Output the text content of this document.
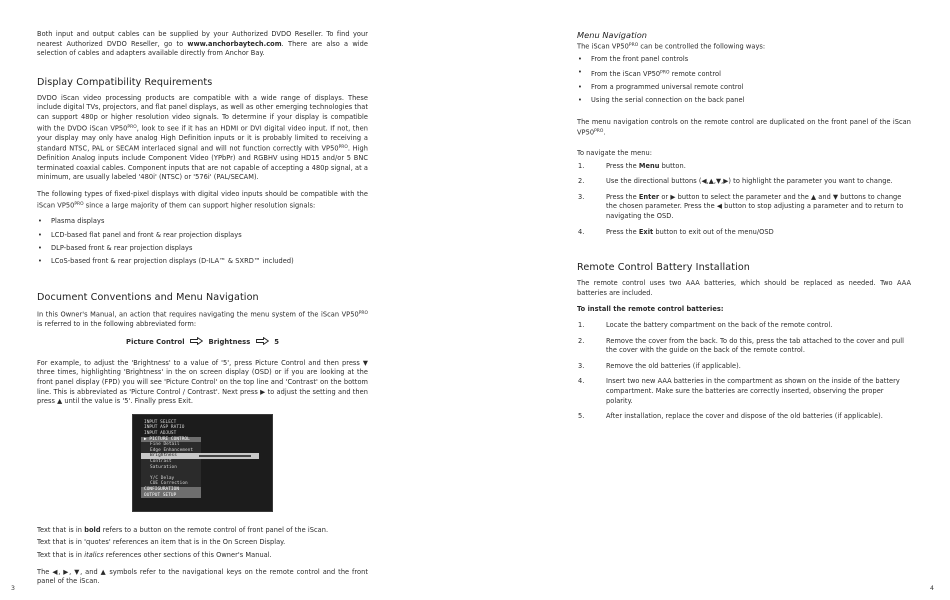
Both input and output cables can be supplied by your Authorized DVDO Reseller. To find your nearest Authorized DVDO Reseller, go to www.anchorbaytech.com. There are also a wide selection of cables and adapters available directly from Anchor Bay.

Display Compatibility Requirements

DVDO iScan video processing products are compatible with a wide range of displays. These include digital TVs, projectors, and flat panel displays, as well as other emerging technologies that can support 480p or higher resolution video signals. To determine if your display is compatible with the DVDO iScan $VP50^{PRO}$, look to see if it has an HDMI or DVI digital video input. If not, then your display may only have analog High Definition inputs or it is probably limited to receiving a standard NTSC, PAL or SECAM interlaced signal and will not function correctly with $VP50^{PRO}$. High Definition Analog inputs include Component Video (YPbPr) and RGBHV using HD15 and/or 5 BNC terminated coaxial cables. Component inputs that are not capable of accepting a 480p signal, at a minimum, are usually labeled '480i' (NTSC) or '576i' (PAL/SECAM).

The following types of fixed-pixel displays with digital video inputs should be compatible with the iScan $VP50^{PRO}$ since a large majority of them can support higher resolution signals:

• Plasma displays
• LCD-based flat panel and front & rear projection displays
• DLP-based front & rear projection displays
• LCoS-based front & rear projection displays (D-ILA™ & SXRD™ included)
Document Conventions and Menu Navigation

In this Owner's Manual, an action that requires navigating the menu system of the iScan $VP50^{PRO}$ is referred to in the following abbreviated form:

Picture Control	Brightness	5

For example, to adjust the 'Brightness' to a value of '5', press Picture Control and then press ▼ three times, highlighting 'Brightness' in the on screen display (OSD) or if you are looking at the front panel display (FPD) you will see 'Picture Control' on the top line and 'Contrast' on the bottom line. This is abbreviated as 'Picture Control / Contrast'. Next press ▶ to adjust the setting and then press ▲ until the value is '5'. Finally press Exit.

INPUT SELECT
INPUT ASP RATIO
INPUT ADJUST
▶ PICTURE CONTROL
Fine Detail
Edge Enhancement
Brightness
Contrast
Saturation
Y/C Delay
CUE Correction
CONFIGURATION
OUTPUT SETUP

Text that is in bold refers to a button on the remote control of front panel of the iScan.

Text that is in 'quotes' references an item that is in the On Screen Display.

Text that is in italics references other sections of this Owner's Manual.

The ◀, ▶, ▼, and ▲ symbols refer to the navigational keys on the remote control and the front panel of the iScan.

3
Menu Navigation

The iScan $VP50^{PRO}$ can be controlled the following ways:

• From the front panel controls
• From the iScan $VP50^{PRO}$ remote control
• From a programmed universal remote control
• Using the serial connection on the back panel

The menu navigation controls on the remote control are duplicated on the front panel of the iScan $VP50^{PRO}$.

To navigate the menu:

1.	Press the Menu button.
2.	Use the directional buttons (◀,▲,▼,▶) to highlight the parameter you want to change.
3.	Press the Enter or ▶ button to select the parameter and the ▲ and ▼ buttons to change the chosen parameter. Press the ◀ button to stop adjusting a parameter and to return to navigating the OSD.
4.	Press the Exit button to exit out of the menu/OSD
Remote Control Battery Installation

The remote control uses two AAA batteries, which should be replaced as needed. Two AAA batteries are included.

To install the remote control batteries:

1.	Locate the battery compartment on the back of the remote control.
2.	Remove the cover from the back. To do this, press the tab attached to the cover and pull the cover with the guide on the back of the remote control.
3.	Remove the old batteries (if applicable).
4.	Insert two new AAA batteries in the compartment as shown on the inside of the battery compartment. Make sure the batteries are correctly inserted, observing the proper polarity.
5.	After installation, replace the cover and dispose of the old batteries (if applicable).
4
